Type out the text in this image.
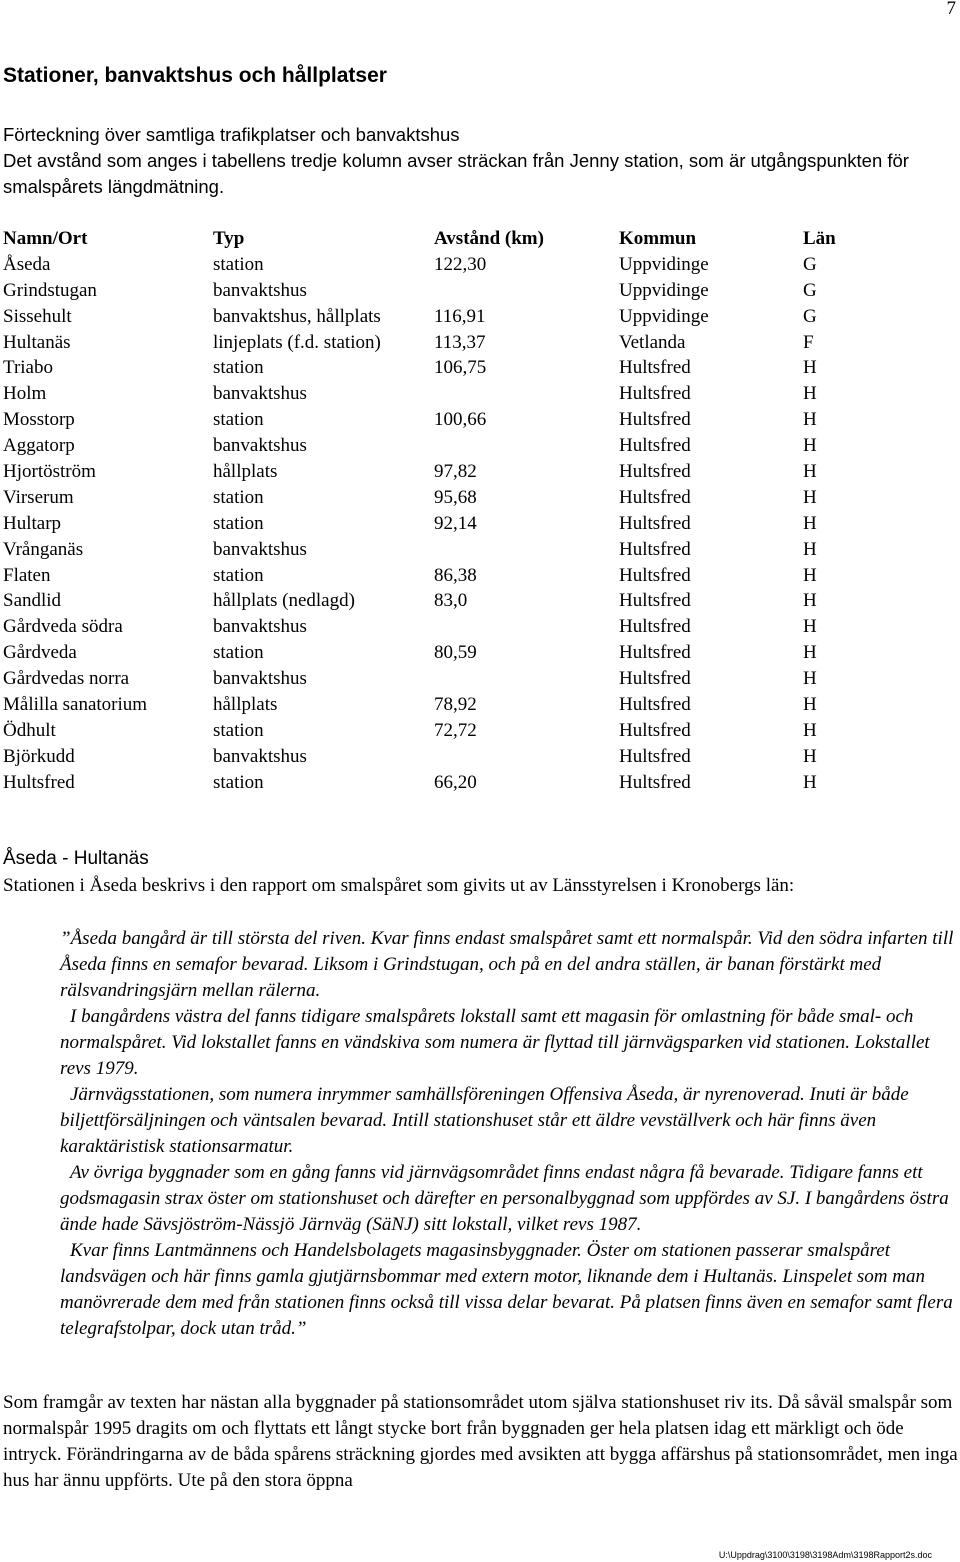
7
Stationer, banvaktshus och hållplatser

Förteckning över samtliga trafikplatser och banvaktshus

Det avstånd som anges i tabellens tredje kolumn avser sträckan från Jenny station, som är utgångspunkten för smalspårets längdmätning.

Namn/Ort	Typ	Avstånd (km)	Kommun	Län
Åseda	station	122,30	Uppvidinge	G
Grindstugan	banvaktshus		Uppvidinge	G
Sissehult	banvaktshus, hållplats	116,91	Uppvidinge	G
Hultanäs	linjeplats (f.d. station)	113,37	Vetlanda	F
Triabo	station	106,75	Hultsfred	H
Holm	banvaktshus		Hultsfred	H
Mosstorp	station	100,66	Hultsfred	H
Aggatorp	banvaktshus		Hultsfred	H
Hjortöström	hållplats	97,82	Hultsfred	H
Virserum	station	95,68	Hultsfred	H
Hultarp	station	92,14	Hultsfred	H
Vrånganäs	banvaktshus		Hultsfred	H
Flaten	station	86,38	Hultsfred	H
Sandlid	hållplats (nedlagd)	83,0	Hultsfred	H
Gårdveda södra	banvaktshus		Hultsfred	H
Gårdveda	station	80,59	Hultsfred	H
Gårdvedas norra	banvaktshus		Hultsfred	H
Målilla sanatorium	hållplats	78,92	Hultsfred	H
Ödhult	station	72,72	Hultsfred	H
Björkudd	banvaktshus		Hultsfred	H
Hultsfred	station	66,20	Hultsfred	H
Åseda - Hultanäs

Stationen i Åseda beskrivs i den rapport om smalspåret som givits ut av Länsstyrelsen i Kronobergs län:

”Åseda bangård är till största del riven. Kvar finns endast smalspåret samt ett normalspår. Vid den södra infarten till Åseda finns en semafor bevarad. Liksom i Grindstugan, och på en del andra ställen, är banan förstärkt med rälsvandringsjärn mellan rälerna.

I bangårdens västra del fanns tidigare smalspårets lokstall samt ett magasin för omlastning för både smal- och normalspåret. Vid lokstallet fanns en vändskiva som numera är flyttad till järnvägsparken vid stationen. Lokstallet revs 1979.

Järnvägsstationen, som numera inrymmer samhällsföreningen Offensiva Åseda, är nyrenoverad. Inuti är både biljettförsäljningen och väntsalen bevarad. Intill stationshuset står ett äldre vevställverk och här finns även karaktäristisk stationsarmatur.

Av övriga byggnader som en gång fanns vid järnvägsområdet finns endast några få bevarade. Tidigare fanns ett godsmagasin strax öster om stationshuset och därefter en personalbyggnad som uppfördes av SJ. I bangårdens östra ände hade Sävsjöström-Nässjö Järnväg (SäNJ) sitt lokstall, vilket revs 1987.

Kvar finns Lantmännens och Handelsbolagets magasinsbyggnader. Öster om stationen passerar smalspåret landsvägen och här finns gamla gjutjärnsbommar med extern motor, liknande dem i Hultanäs. Linspelet som man manövrerade dem med från stationen finns också till vissa delar bevarat. På platsen finns även en semafor samt flera telegrafstolpar, dock utan tråd.”

Som framgår av texten har nästan alla byggnader på stationsområdet utom själva stationshuset riv its. Då såväl smalspår som normalspår 1995 dragits om och flyttats ett långt stycke bort från byggnaden ger hela platsen idag ett märkligt och öde intryck. Förändringarna av de båda spårens sträckning gjordes med avsikten att bygga affärshus på stationsområdet, men inga hus har ännu uppförts. Ute på den stora öppna

U:\Uppdrag\3100\3198\3198Adm\3198Rapport2s.doc
